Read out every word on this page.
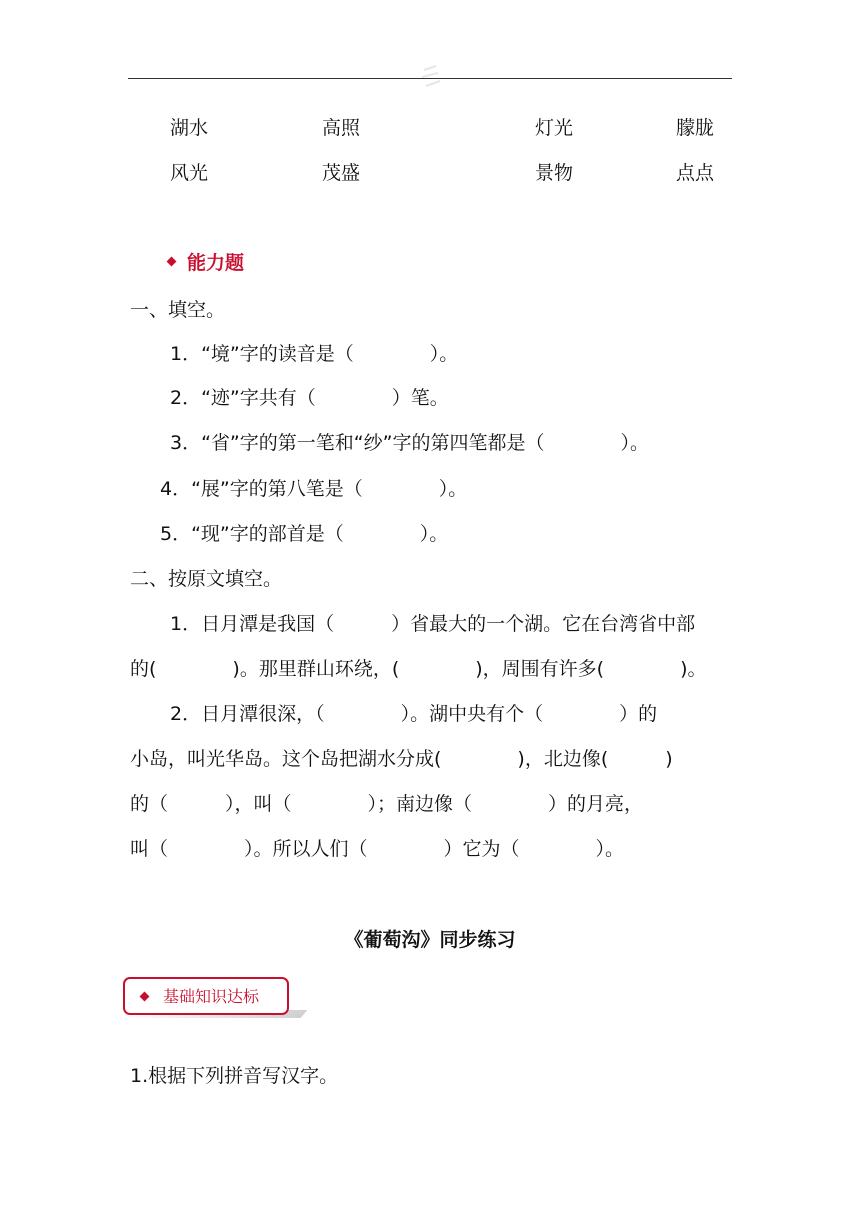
湖水	高照	灯光	朦胧
风光	茂盛	景物	点点
能力题
一、填空。
1．“境”字的读音是（　　　　）。
2．“迹”字共有（　　　　）笔。
3．“省”字的第一笔和“纱”字的第四笔都是（　　　　）。
4．“展”字的第八笔是（　　　　）。
5．“现”字的部首是（　　　　）。
二、按原文填空。
1．日月潭是我国（　　　）省最大的一个湖。它在台湾省中部
的(　　　　)。那里群山环绕，(　　　　)，周围有许多(　　　　)。
2．日月潭很深，（　　　　）。湖中央有个（　　　　）的
小岛，叫光华岛。这个岛把湖水分成(　　　　)，北边像(　　　)
的（　　　），叫（　　　　）；南边像（　　　　）的月亮，
叫（　　　　）。所以人们（　　　　）它为（　　　　）。
《葡萄沟》同步练习
基础知识达标
1.根据下列拼音写汉字。
